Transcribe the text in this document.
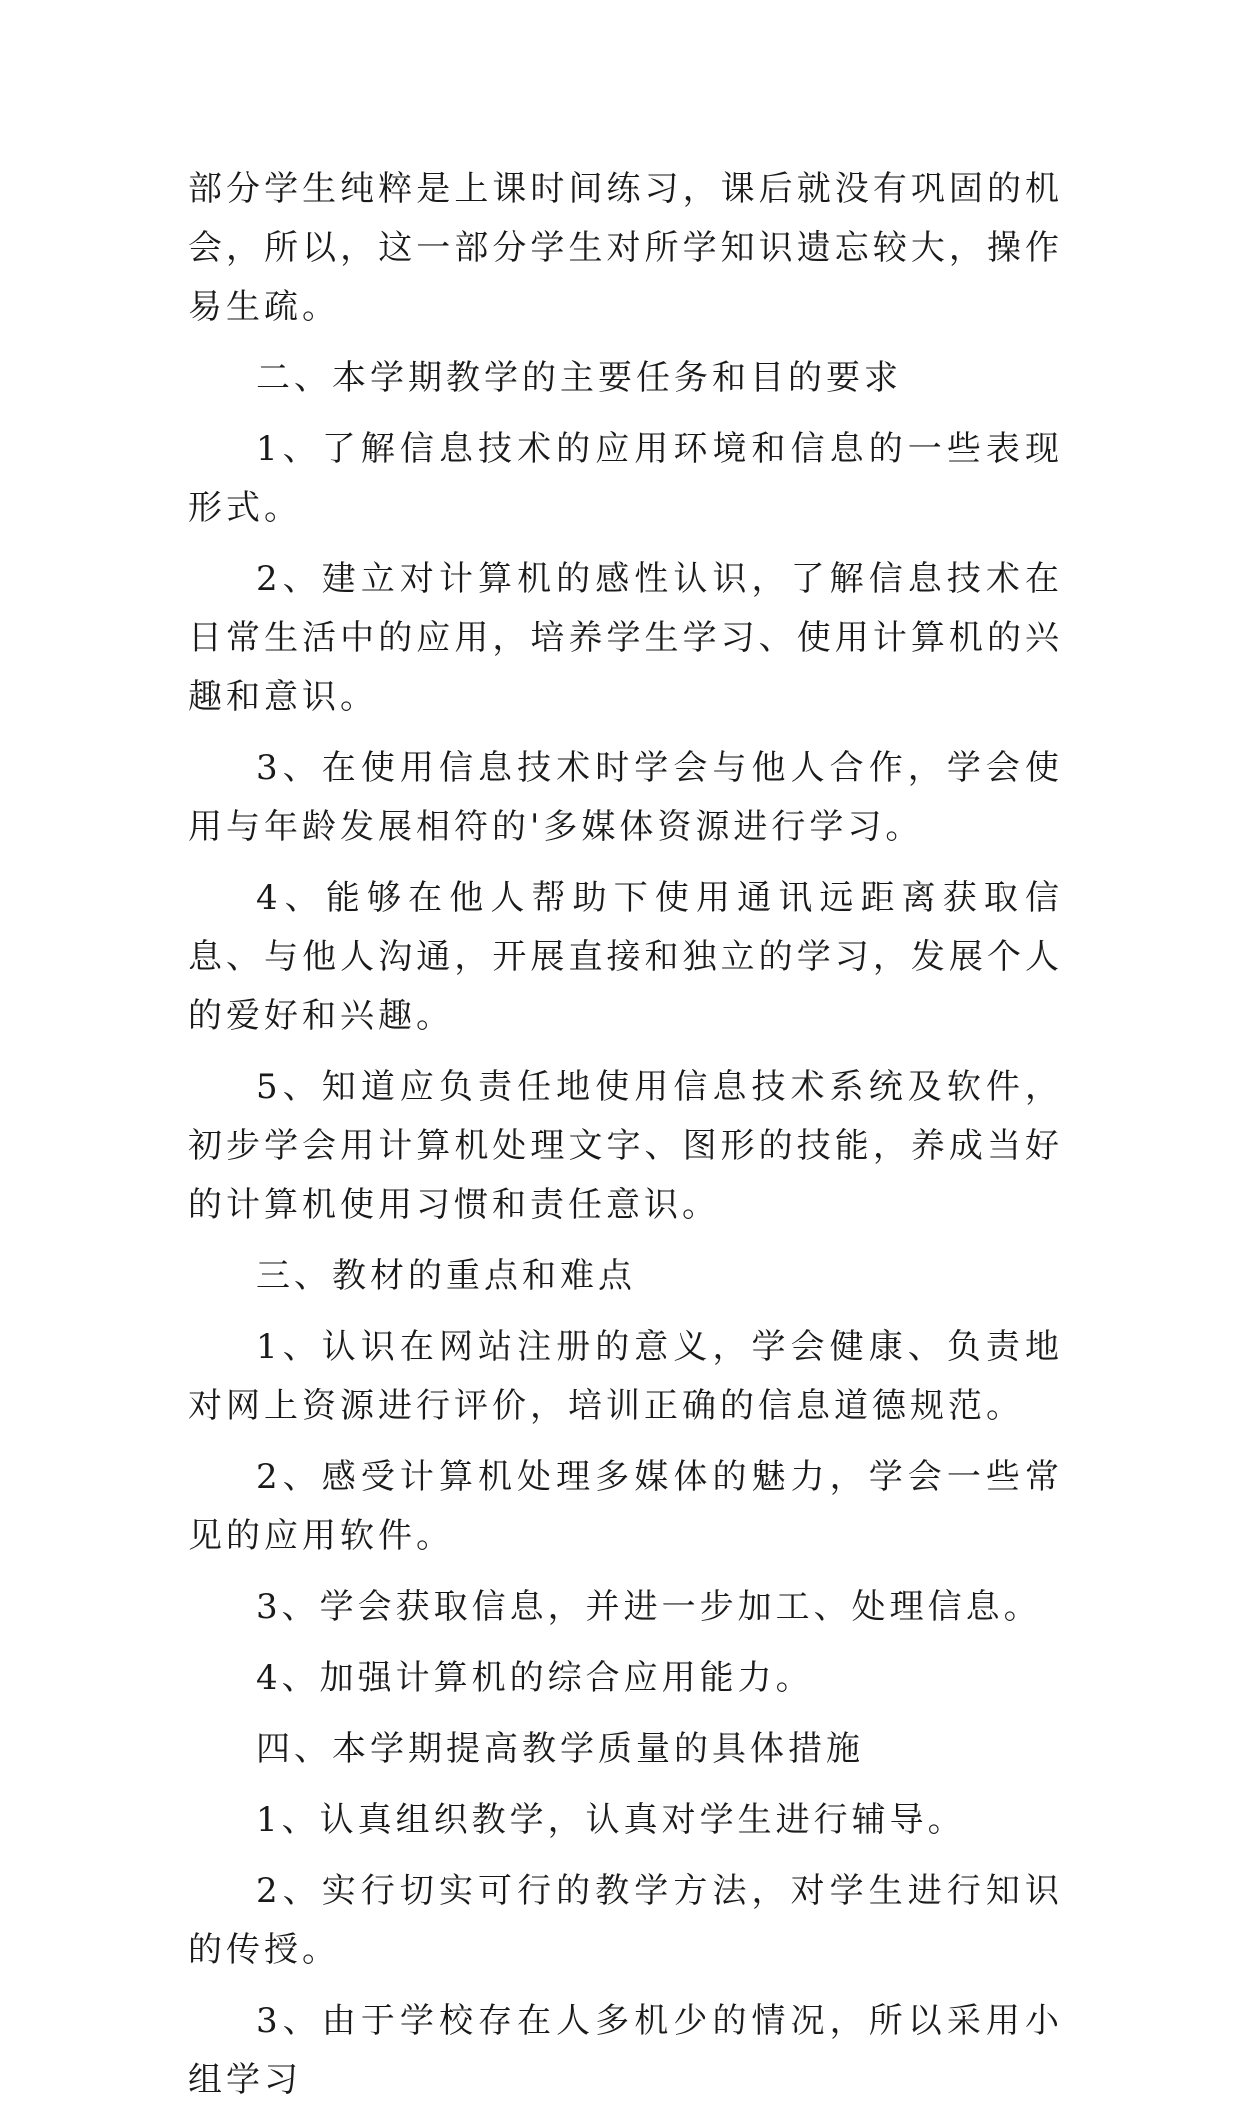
部分学生纯粹是上课时间练习，课后就没有巩固的机会，所以，这一部分学生对所学知识遗忘较大，操作易生疏。

二、本学期教学的主要任务和目的要求

1、了解信息技术的应用环境和信息的一些表现形式。

2、建立对计算机的感性认识，了解信息技术在日常生活中的应用，培养学生学习、使用计算机的兴趣和意识。

3、在使用信息技术时学会与他人合作，学会使用与年龄发展相符的'多媒体资源进行学习。

4、能够在他人帮助下使用通讯远距离获取信息、与他人沟通，开展直接和独立的学习，发展个人的爱好和兴趣。

5、知道应负责任地使用信息技术系统及软件，初步学会用计算机处理文字、图形的技能，养成当好的计算机使用习惯和责任意识。

三、教材的重点和难点

1、认识在网站注册的意义，学会健康、负责地对网上资源进行评价，培训正确的信息道德规范。

2、感受计算机处理多媒体的魅力，学会一些常见的应用软件。

3、学会获取信息，并进一步加工、处理信息。

4、加强计算机的综合应用能力。

四、本学期提高教学质量的具体措施

1、认真组织教学，认真对学生进行辅导。

2、实行切实可行的教学方法，对学生进行知识的传授。

3、由于学校存在人多机少的情况，所以采用小组学习
